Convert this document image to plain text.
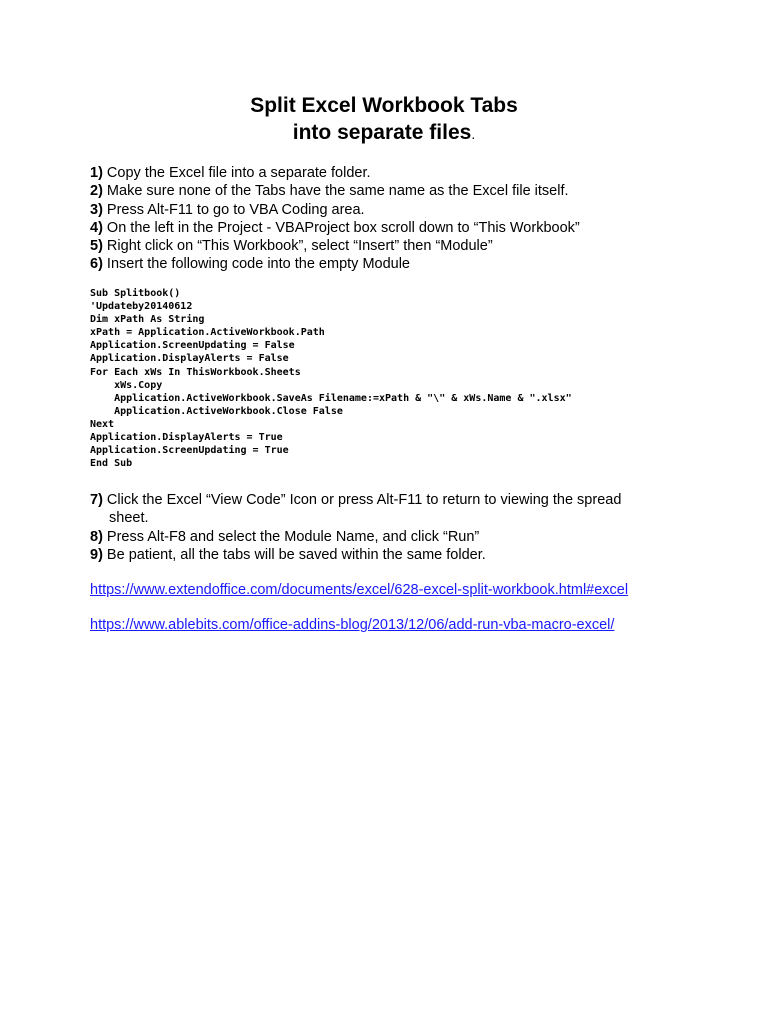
Split Excel Workbook Tabs
into separate files.
1) Copy the Excel file into a separate folder.
2) Make sure none of the Tabs have the same name as the Excel file itself.
3) Press Alt-F11 to go to VBA Coding area.
4) On the left in the Project - VBAProject box scroll down to “This Workbook”
5) Right click on “This Workbook”, select “Insert” then “Module”
6) Insert the following code into the empty Module
Sub Splitbook()
'Updateby20140612
Dim xPath As String
xPath = Application.ActiveWorkbook.Path
Application.ScreenUpdating = False
Application.DisplayAlerts = False
For Each xWs In ThisWorkbook.Sheets
xWs.Copy
Application.ActiveWorkbook.SaveAs Filename:=xPath & "\" & xWs.Name & ".xlsx"
Application.ActiveWorkbook.Close False
Next
Application.DisplayAlerts = True
Application.ScreenUpdating = True
End Sub
7) Click the Excel “View Code” Icon or press Alt-F11 to return to viewing the spread
sheet.
8) Press Alt-F8 and select the Module Name, and click “Run”
9) Be patient, all the tabs will be saved within the same folder.
https://www.extendoffice.com/documents/excel/628-excel-split-workbook.html#excel
https://www.ablebits.com/office-addins-blog/2013/12/06/add-run-vba-macro-excel/
